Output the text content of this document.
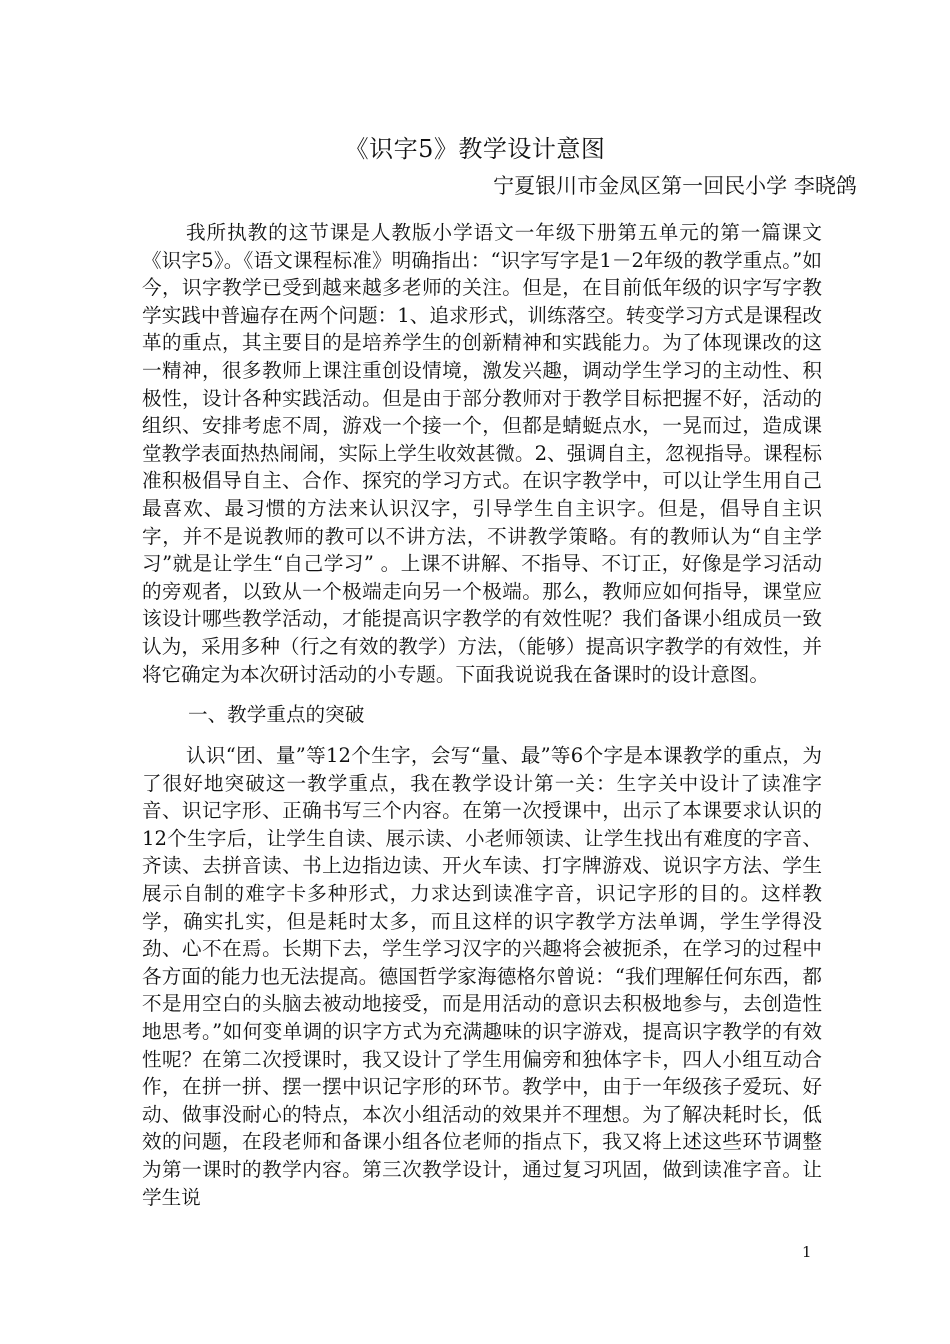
《识字5》教学设计意图
宁夏银川市金凤区第一回民小学 李晓鸽

我所执教的这节课是人教版小学语文一年级下册第五单元的第一篇课文《识字5》。《语文课程标准》明确指出：“识字写字是1－2年级的教学重点。”如今，识字教学已受到越来越多老师的关注。但是，在目前低年级的识字写字教学实践中普遍存在两个问题：1、追求形式，训练落空。转变学习方式是课程改革的重点，其主要目的是培养学生的创新精神和实践能力。为了体现课改的这一精神，很多教师上课注重创设情境，激发兴趣，调动学生学习的主动性、积极性，设计各种实践活动。但是由于部分教师对于教学目标把握不好，活动的组织、安排考虑不周，游戏一个接一个，但都是蜻蜓点水，一晃而过，造成课堂教学表面热热闹闹，实际上学生收效甚微。2、强调自主，忽视指导。课程标准积极倡导自主、合作、探究的学习方式。在识字教学中，可以让学生用自己最喜欢、最习惯的方法来认识汉字，引导学生自主识字。但是，倡导自主识字，并不是说教师的教可以不讲方法，不讲教学策略。有的教师认为“自主学习”就是让学生“自己学习” 。上课不讲解、不指导、不订正，好像是学习活动的旁观者，以致从一个极端走向另一个极端。那么，教师应如何指导，课堂应该设计哪些教学活动，才能提高识字教学的有效性呢？我们备课小组成员一致认为，采用多种（行之有效的教学）方法，（能够）提高识字教学的有效性，并将它确定为本次研讨活动的小专题。下面我说说我在备课时的设计意图。

一、教学重点的突破

认识“团、量”等12个生字，会写“量、最”等6个字是本课教学的重点，为了很好地突破这一教学重点，我在教学设计第一关：生字关中设计了读准字音、识记字形、正确书写三个内容。在第一次授课中，出示了本课要求认识的12个生字后，让学生自读、展示读、小老师领读、让学生找出有难度的字音、齐读、去拼音读、书上边指边读、开火车读、打字牌游戏、说识字方法、学生展示自制的难字卡多种形式，力求达到读准字音，识记字形的目的。这样教学，确实扎实，但是耗时太多，而且这样的识字教学方法单调，学生学得没劲、心不在焉。长期下去，学生学习汉字的兴趣将会被扼杀，在学习的过程中各方面的能力也无法提高。德国哲学家海德格尔曾说：“我们理解任何东西，都不是用空白的头脑去被动地接受，而是用活动的意识去积极地参与，去创造性地思考。”如何变单调的识字方式为充满趣味的识字游戏，提高识字教学的有效性呢？在第二次授课时，我又设计了学生用偏旁和独体字卡，四人小组互动合作，在拼一拼、摆一摆中识记字形的环节。教学中，由于一年级孩子爱玩、好动、做事没耐心的特点，本次小组活动的效果并不理想。为了解决耗时长，低效的问题，在段老师和备课小组各位老师的指点下，我又将上述这些环节调整为第一课时的教学内容。第三次教学设计，通过复习巩固，做到读准字音。让学生说

1
